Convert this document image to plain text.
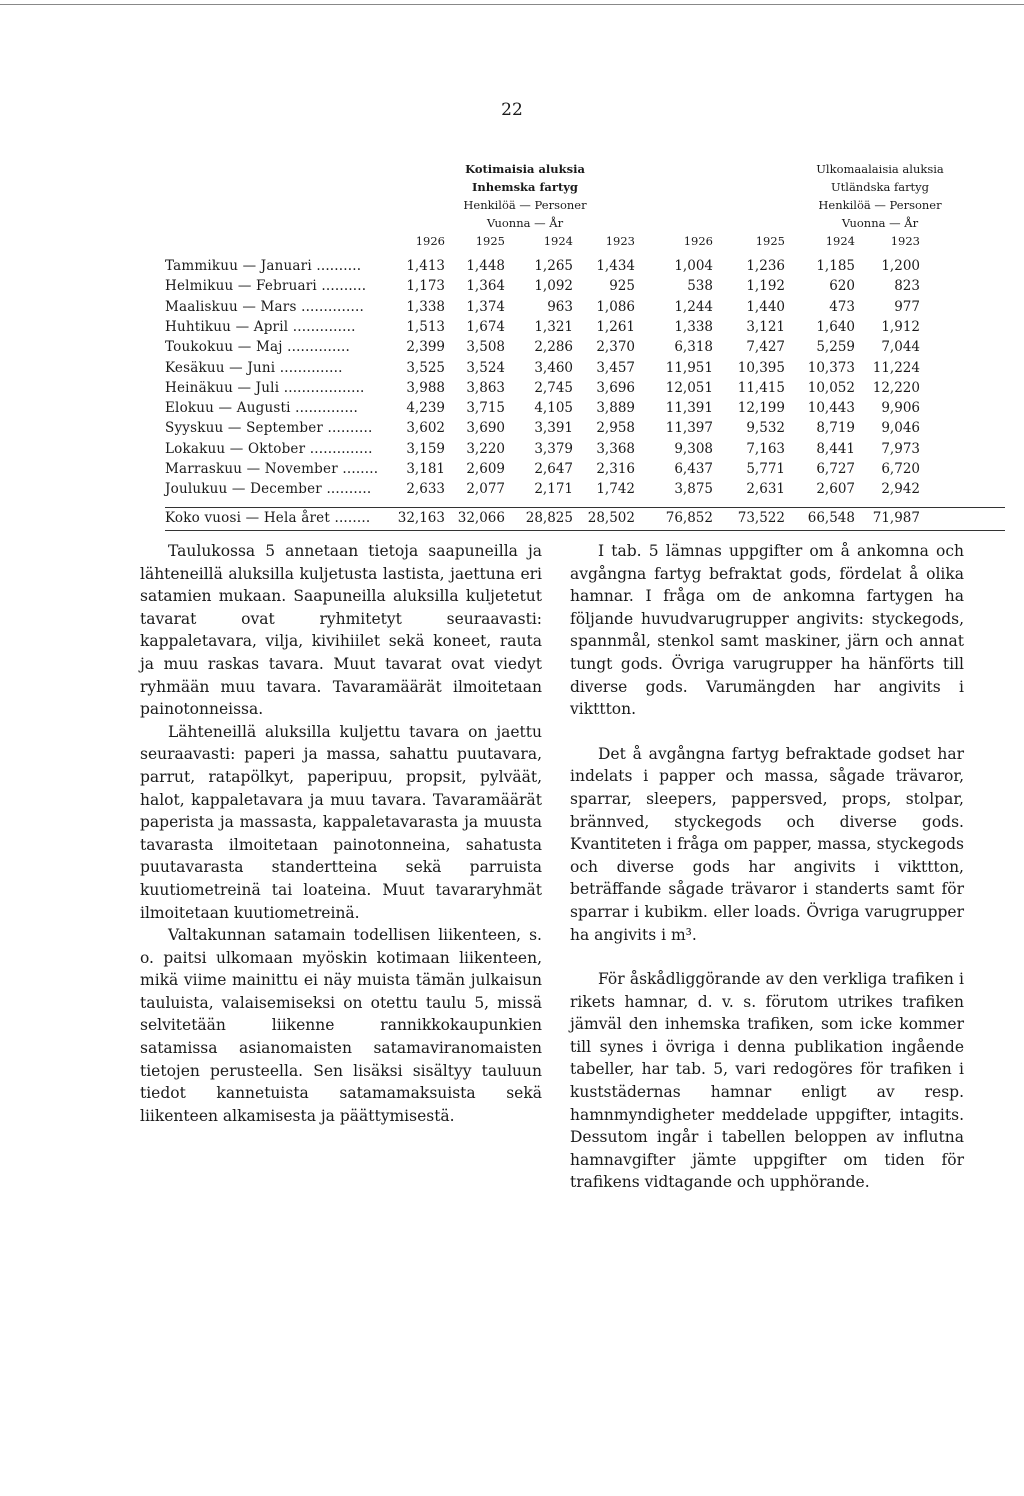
22
Kotimaisia aluksia
Inhemska fartyg
Henkilöä — Personer
Vuonna — År
Ulkomaalaisia aluksia
Utländska fartyg
Henkilöä — Personer
Vuonna — År
1926	1925	1924	1923	1926	1925	1924	1923
Tammikuu — Januari ..........	1,413	1,448	1,265	1,434	1,004	1,236	1,185	1,200
Helmikuu — Februari ..........	1,173	1,364	1,092	925	538	1,192	620	823
Maaliskuu — Mars ..............	1,338	1,374	963	1,086	1,244	1,440	473	977
Huhtikuu — April ..............	1,513	1,674	1,321	1,261	1,338	3,121	1,640	1,912
Toukokuu — Maj ..............	2,399	3,508	2,286	2,370	6,318	7,427	5,259	7,044
Kesäkuu — Juni ..............	3,525	3,524	3,460	3,457	11,951	10,395	10,373	11,224
Heinäkuu — Juli ..................	3,988	3,863	2,745	3,696	12,051	11,415	10,052	12,220
Elokuu — Augusti ..............	4,239	3,715	4,105	3,889	11,391	12,199	10,443	9,906
Syyskuu — September ..........	3,602	3,690	3,391	2,958	11,397	9,532	8,719	9,046
Lokakuu — Oktober ..............	3,159	3,220	3,379	3,368	9,308	7,163	8,441	7,973
Marraskuu — November ........	3,181	2,609	2,647	2,316	6,437	5,771	6,727	6,720
Joulukuu — December ..........	2,633	2,077	2,171	1,742	3,875	2,631	2,607	2,942
Koko vuosi — Hela året ........	32,163 32,066	28,825	28,502	76,852	73,522	66,548	71,987

Taulukossa 5 annetaan tietoja saapuneilla ja lähteneillä aluksilla kuljetusta lastista, jaettuna eri satamien mukaan. Saapuneilla aluksilla kuljetetut tavarat ovat ryhmitetyt seuraavasti: kappaletavara, vilja, kivihiilet sekä koneet, rauta ja muu raskas tavara. Muut tavarat ovat viedyt ryhmään muu tavara. Tavaramäärät ilmoitetaan painotonneissa.

Lähteneillä aluksilla kuljettu tavara on jaettu seuraavasti: paperi ja massa, sahattu puutavara, parrut, ratapölkyt, paperipuu, propsit, pylväät, halot, kappaletavara ja muu tavara. Tavaramäärät paperista ja massasta, kappaletavarasta ja muusta tavarasta ilmoitetaan painotonneina, sahatusta puutavarasta standertteina sekä parruista kuutiometreinä tai loateina. Muut tavararyhmät ilmoitetaan kuutiometreinä.

Valtakunnan satamain todellisen liikenteen, s. o. paitsi ulkomaan myöskin kotimaan liikenteen, mikä viime mainittu ei näy muista tämän julkaisun tauluista, valaisemiseksi on otettu taulu 5, missä selvitetään liikenne rannikkokaupunkien satamissa asianomaisten satamaviranomaisten tietojen perusteella. Sen lisäksi sisältyy tauluun tiedot kannetuista satamamaksuista sekä liikenteen alkamisesta ja päättymisestä.

I tab. 5 lämnas uppgifter om å ankomna och avgångna fartyg befraktat gods, fördelat å olika hamnar. I fråga om de ankomna fartygen ha följande huvudvarugrupper angivits: styckegods, spannmål, stenkol samt maskiner, järn och annat tungt gods. Övriga varugrupper ha hänförts till diverse gods. Varumängden har angivits i vikttton.

Det å avgångna fartyg befraktade godset har indelats i papper och massa, sågade trävaror, sparrar, sleepers, pappersved, props, stolpar, brännved, styckegods och diverse gods. Kvantiteten i fråga om papper, massa, styckegods och diverse gods har angivits i vikttton, beträffande sågade trävaror i standerts samt för sparrar i kubikm. eller loads. Övriga varugrupper ha angivits i m³.

För åskådliggörande av den verkliga trafiken i rikets hamnar, d. v. s. förutom utrikes trafiken jämväl den inhemska trafiken, som icke kommer till synes i övriga i denna publikation ingående tabeller, har tab. 5, vari redogöres för trafiken i kuststädernas hamnar enligt av resp. hamnmyndigheter meddelade uppgifter, intagits. Dessutom ingår i tabellen beloppen av influtna hamnavgifter jämte uppgifter om tiden för trafikens vidtagande och upphörande.
